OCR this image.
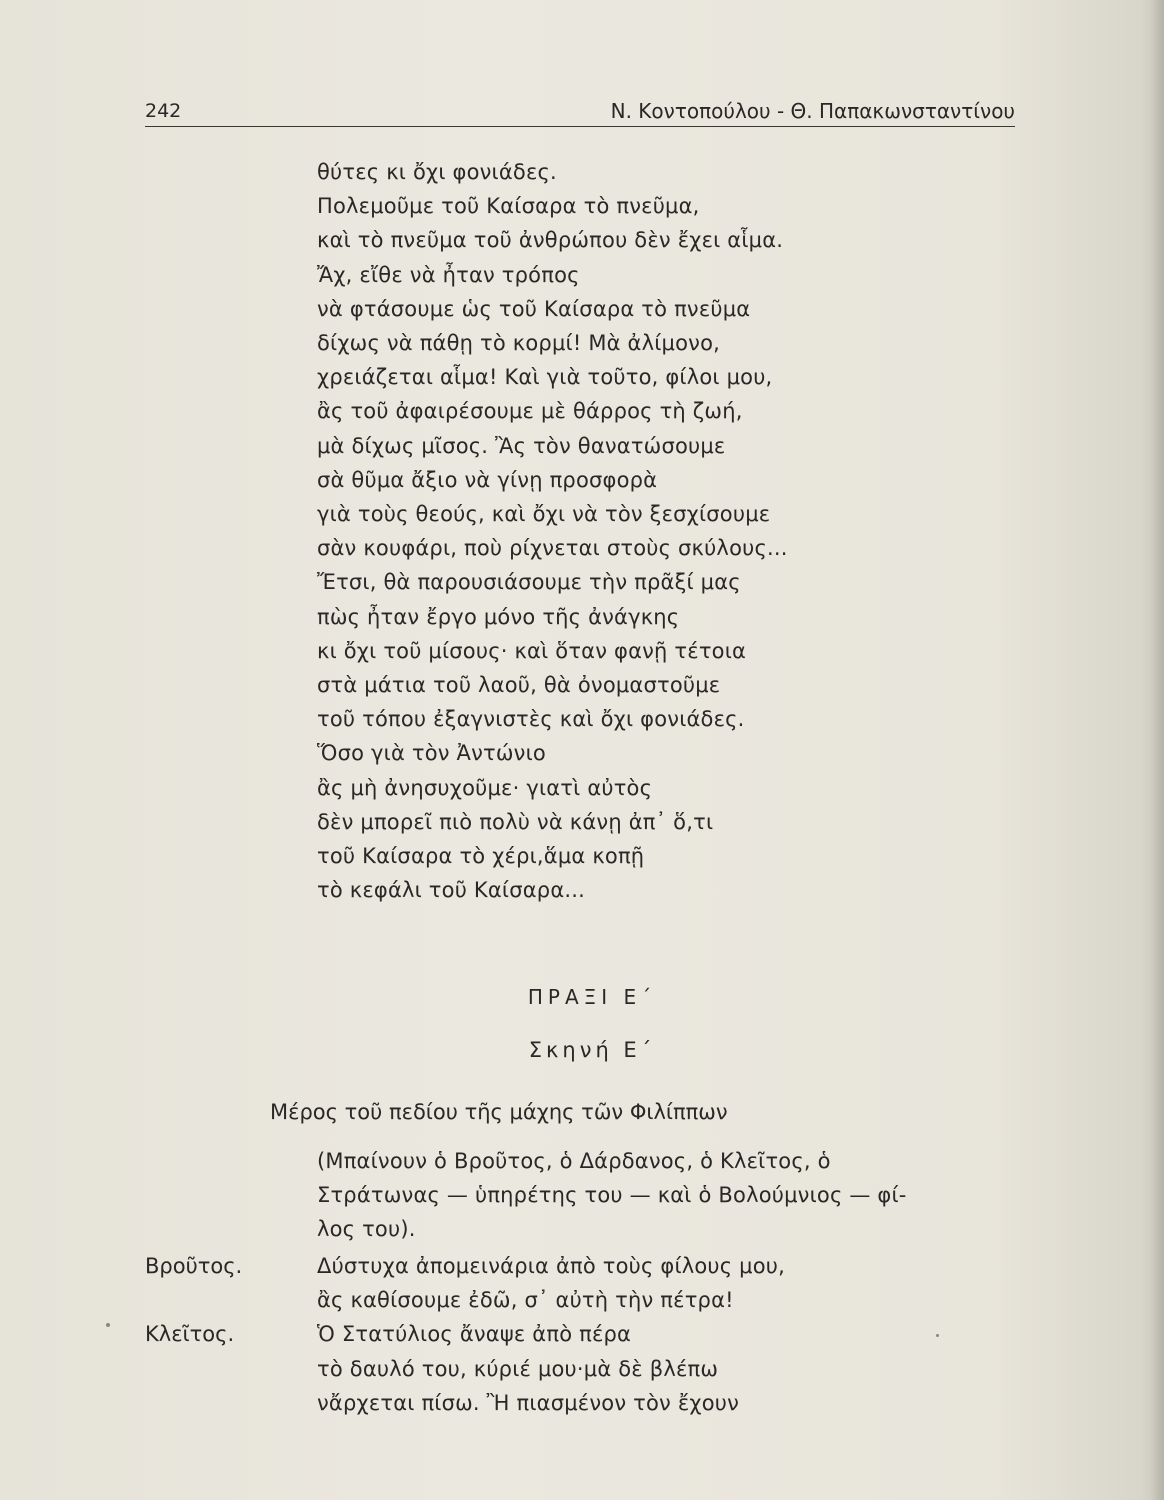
242	Ν. Κοντοπούλου - Θ. Παπακωνσταντίνου
θύτες κι ὄχι φονιάδες.
Πολεμοῦμε τοῦ Καίσαρα τὸ πνεῦμα,
καὶ τὸ πνεῦμα τοῦ ἀνθρώπου δὲν ἔχει αἷμα.
Ἄχ, εἴθε νὰ ἦταν τρόπος
νὰ φτάσουμε ὡς τοῦ Καίσαρα τὸ πνεῦμα
δίχως νὰ πάθῃ τὸ κορμί! Μὰ ἀλίμονο,
χρειάζεται αἷμα! Καὶ γιὰ τοῦτο, φίλοι μου,
ἂς τοῦ ἀφαιρέσουμε μὲ θάρρος τὴ ζωή,
μὰ δίχως μῖσος. Ἂς τὸν θανατώσουμε
σὰ θῦμα ἄξιο νὰ γίνῃ προσφορὰ
γιὰ τοὺς θεούς, καὶ ὄχι νὰ τὸν ξεσχίσουμε
σὰν κουφάρι, ποὺ ρίχνεται στοὺς σκύλους...
Ἔτσι, θὰ παρουσιάσουμε τὴν πρᾶξί μας
πὼς ἦταν ἔργο μόνο τῆς ἀνάγκης
κι ὄχι τοῦ μίσους· καὶ ὅταν φανῇ τέτοια
στὰ μάτια τοῦ λαοῦ, θὰ ὀνομαστοῦμε
τοῦ τόπου ἐξαγνιστὲς καὶ ὄχι φονιάδες.
Ὅσο γιὰ τὸν Ἀντώνιο
ἂς μὴ ἀνησυχοῦμε· γιατὶ αὐτὸς
δὲν μπορεῖ πιὸ πολὺ νὰ κάνῃ ἀπ᾿ ὅ,τι
τοῦ Καίσαρα τὸ χέρι,ἅμα κοπῇ
τὸ κεφάλι τοῦ Καίσαρα...
ΠΡΑΞΙ Ε΄
Σκηνή Ε΄
Μέρος τοῦ πεδίου τῆς μάχης τῶν Φιλίππων
(Μπαίνουν ὁ Βροῦτος, ὁ Δάρδανος, ὁ Κλεῖτος, ὁ
Στράτωνας — ὑπηρέτης του — καὶ ὁ Βολούμνιος — φί-
λος του).
Βροῦτος.	Δύστυχα ἀπομεινάρια ἀπὸ τοὺς φίλους μου,
ἂς καθίσουμε ἐδῶ, σ᾿ αὐτὴ τὴν πέτρα!
Κλεῖτος.	Ὁ Στατύλιος ἄναψε ἀπὸ πέρα
τὸ δαυλό του, κύριέ μου·μὰ δὲ βλέπω
νἄρχεται πίσω. Ἢ πιασμένον τὸν ἔχουν
